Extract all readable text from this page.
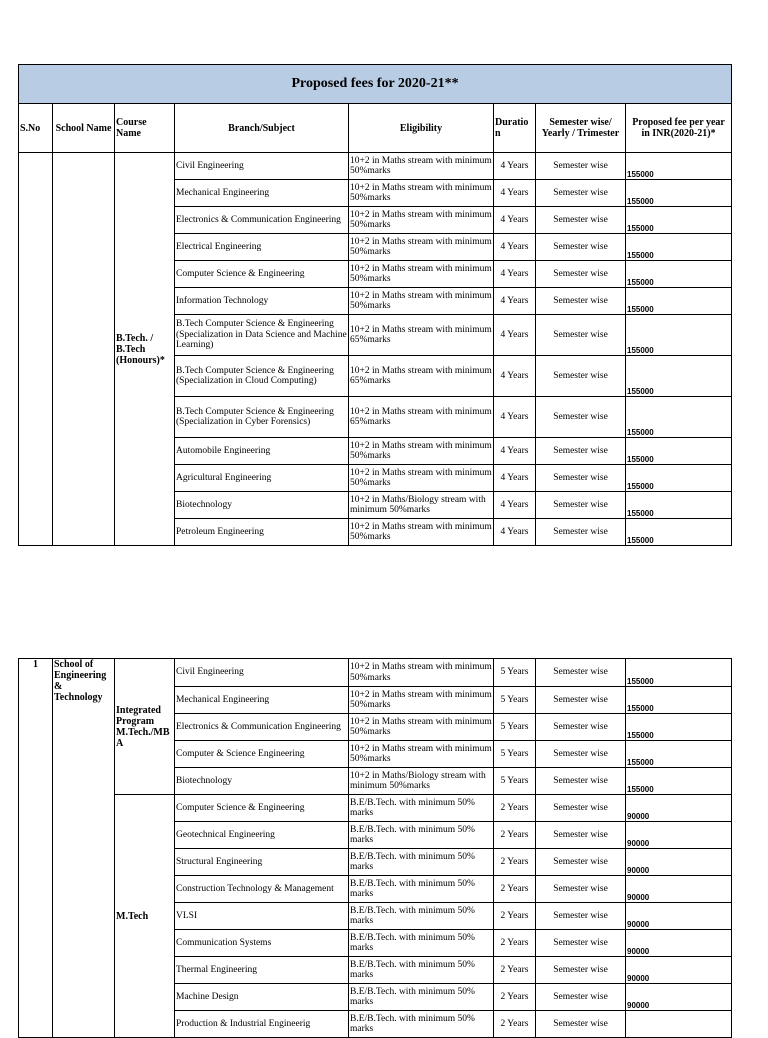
Proposed fees for 2020-21**							
S.No	School Name	Course Name	Branch/Subject	Eligibility	Duratio n	Semester wise/ Yearly / Trimester	Proposed fee per year in INR(2020-21)*
		B.Tech. / B.Tech (Honours)*	Civil Engineering	10+2 in Maths stream with minimum 50%marks	4 Years	Semester wise	155000
			Mechanical Engineering	10+2 in Maths stream with minimum 50%marks	4 Years	Semester wise	155000
			Electronics & Communication Engineering	10+2 in Maths stream with minimum 50%marks	4 Years	Semester wise	155000
			Electrical Engineering	10+2 in Maths stream with minimum 50%marks	4 Years	Semester wise	155000
			Computer Science & Engineering	10+2 in Maths stream with minimum 50%marks	4 Years	Semester wise	155000
			Information Technology	10+2 in Maths stream with minimum 50%marks	4 Years	Semester wise	155000
			B.Tech Computer Science & Engineering (Specialization in Data Science and Machine Learning)	10+2 in Maths stream with minimum 65%marks	4 Years	Semester wise	155000
			B.Tech Computer Science & Engineering (Specialization in Cloud Computing)	10+2 in Maths stream with minimum 65%marks	4 Years	Semester wise	155000
			B.Tech Computer Science & Engineering (Specialization in Cyber Forensics)	10+2 in Maths stream with minimum 65%marks	4 Years	Semester wise	155000
			Automobile Engineering	10+2 in Maths stream with minimum 50%marks	4 Years	Semester wise	155000
			Agricultural Engineering	10+2 in Maths stream with minimum 50%marks	4 Years	Semester wise	155000
			Biotechnology	10+2 in Maths/Biology stream with minimum 50%marks	4 Years	Semester wise	155000
			Petroleum Engineering	10+2 in Maths stream with minimum 50%marks	4 Years	Semester wise	155000
1	School of Engineering & Technology	Integrated Program M.Tech./MB A	Civil Engineering	10+2 in Maths stream with minimum 50%marks	5 Years	Semester wise	155000
			Mechanical Engineering	10+2 in Maths stream with minimum 50%marks	5 Years	Semester wise	155000
			Electronics & Communication Engineering	10+2 in Maths stream with minimum 50%marks	5 Years	Semester wise	155000
			Computer & Science Engineering	10+2 in Maths stream with minimum 50%marks	5 Years	Semester wise	155000
			Biotechnology	10+2 in Maths/Biology stream with minimum 50%marks	5 Years	Semester wise	155000
		M.Tech	Computer Science & Engineering	B.E/B.Tech. with minimum 50% marks	2 Years	Semester wise	90000
			Geotechnical Engineering	B.E/B.Tech. with minimum 50% marks	2 Years	Semester wise	90000
			Structural Engineering	B.E/B.Tech. with minimum 50% marks	2 Years	Semester wise	90000
			Construction Technology & Management	B.E/B.Tech. with minimum 50% marks	2 Years	Semester wise	90000
			VLSI	B.E/B.Tech. with minimum 50% marks	2 Years	Semester wise	90000
			Communication Systems	B.E/B.Tech. with minimum 50% marks	2 Years	Semester wise	90000
			Thermal Engineering	B.E/B.Tech. with minimum 50% marks	2 Years	Semester wise	90000
			Machine Design	B.E/B.Tech. with minimum 50% marks	2 Years	Semester wise	90000
			Production & Industrial Engineerig	B.E/B.Tech. with minimum 50% marks	2 Years	Semester wise	
